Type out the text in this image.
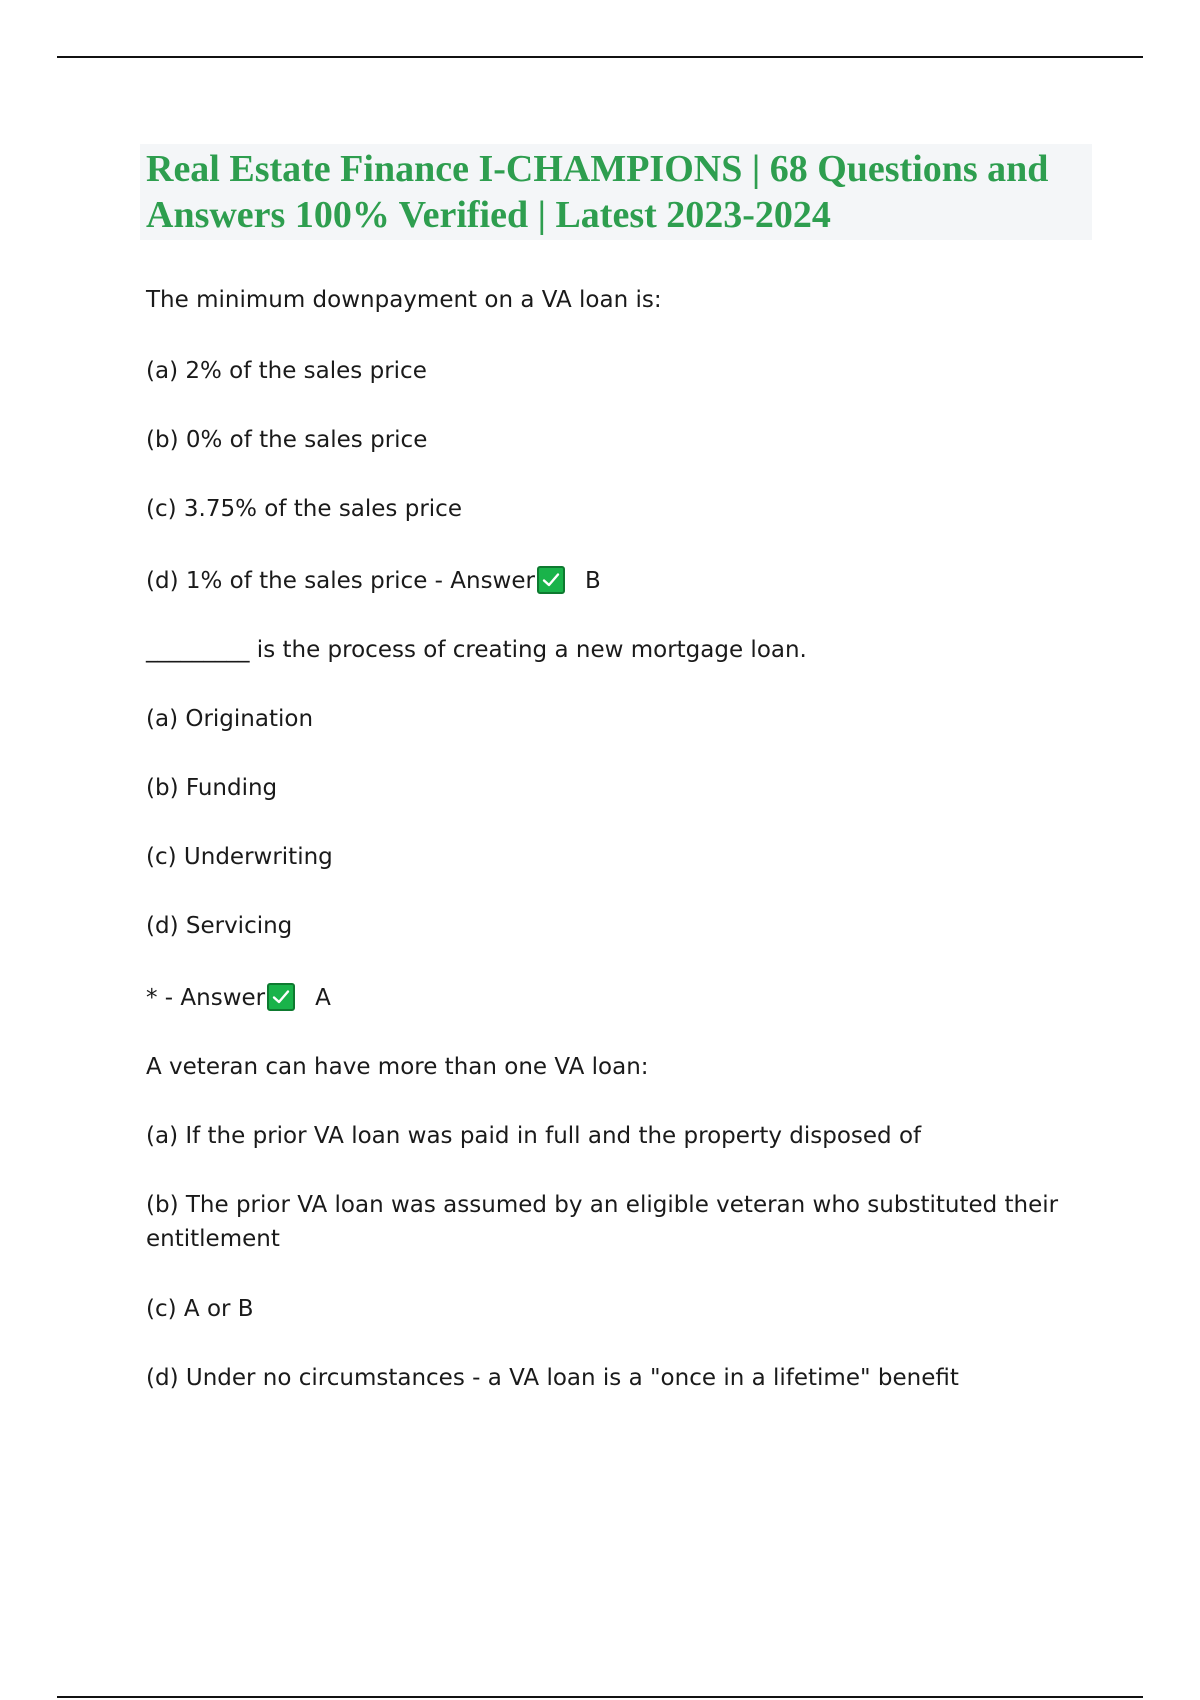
Real Estate Finance I-CHAMPIONS | 68 Questions and Answers 100% Verified | Latest 2023-2024

The minimum downpayment on a VA loan is:

(a) 2% of the sales price

(b) 0% of the sales price

(c) 3.75% of the sales price

(d) 1% of the sales price - Answer B

_________ is the process of creating a new mortgage loan.

(a) Origination

(b) Funding

(c) Underwriting

(d) Servicing

* - Answer A

A veteran can have more than one VA loan:

(a) If the prior VA loan was paid in full and the property disposed of

(b) The prior VA loan was assumed by an eligible veteran who substituted their entitlement

(c) A or B

(d) Under no circumstances - a VA loan is a "once in a lifetime" benefit
